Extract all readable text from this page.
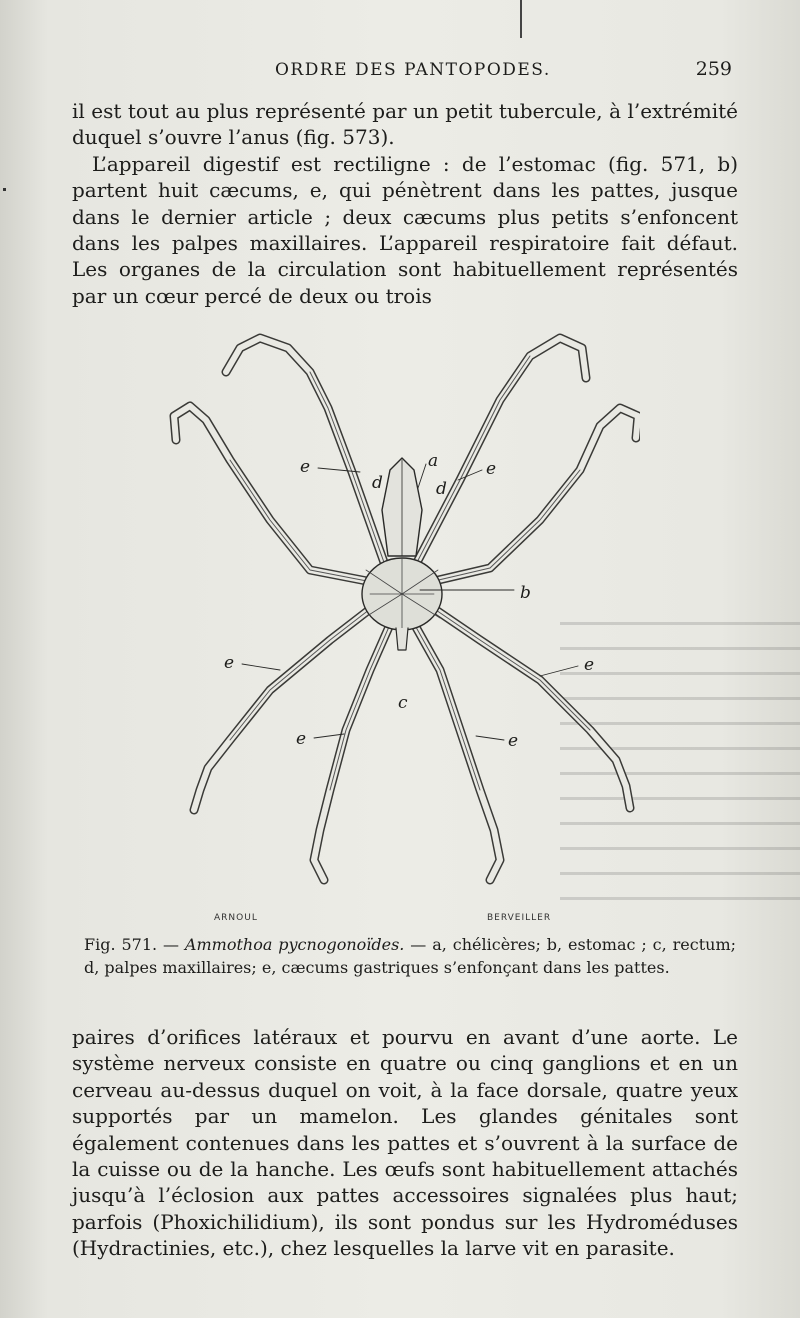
ORDRE DES PANTOPODES.	259

il est tout au plus représenté par un petit tubercule, à l’extrémité duquel s’ouvre l’anus (fig. 573).
L’appareil digestif est rectiligne : de l’estomac (fig. 571, b) partent huit cæcums, e, qui pénètrent dans les pattes, jusque dans le dernier article ; deux cæcums plus petits s’enfoncent dans les palpes maxillaires. L’appareil respiratoire fait défaut. Les organes de la circulation sont habituellement représentés par un cœur percé de deux ou trois

e	a
d	d
e
b
e	e
c
e	e
ARNOUL	BERVEILLER

Fig. 571. — Ammothoa pycnogonoïdes. — a, chélicères; b, estomac ; c, rectum; d, palpes maxillaires; e, cæcums gastriques s’enfonçant dans les pattes.

paires d’orifices latéraux et pourvu en avant d’une aorte. Le système nerveux consiste en quatre ou cinq ganglions et en un cerveau au-dessus duquel on voit, à la face dorsale, quatre yeux supportés par un mamelon. Les glandes génitales sont également contenues dans les pattes et s’ouvrent à la surface de la cuisse ou de la hanche. Les œufs sont habituellement attachés jusqu’à l’éclosion aux pattes accessoires signalées plus haut; parfois (Phoxichilidium), ils sont pondus sur les Hydroméduses (Hydractinies, etc.), chez lesquelles la larve vit en parasite.
